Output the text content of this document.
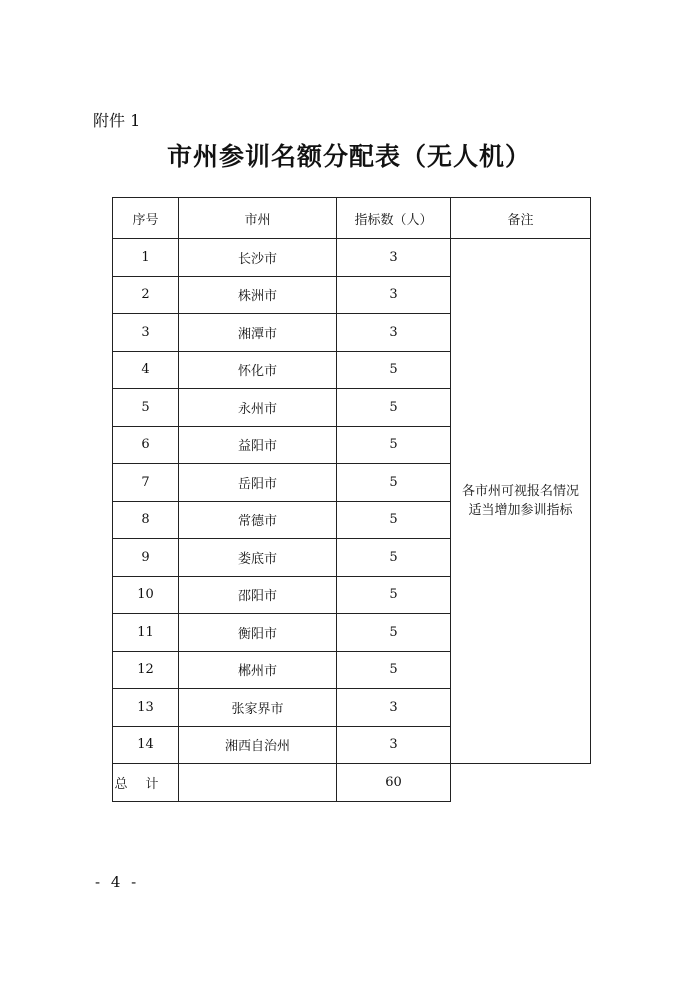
附件 1
市州参训名额分配表（无人机）
序号	市州	指标数（人）	备注
1	长沙市	3	各市州可视报名情况
适当增加参训指标

2	株洲市	3	
3	湘潭市	3	
4	怀化市	5	
5	永州市	5	
6	益阳市	5	
7	岳阳市	5	
8	常德市	5	
9	娄底市	5	
10	邵阳市	5	
11	衡阳市	5	
12	郴州市	5	
13	张家界市	3	
14	湘西自治州	3	
总计		60	
- 4 -
